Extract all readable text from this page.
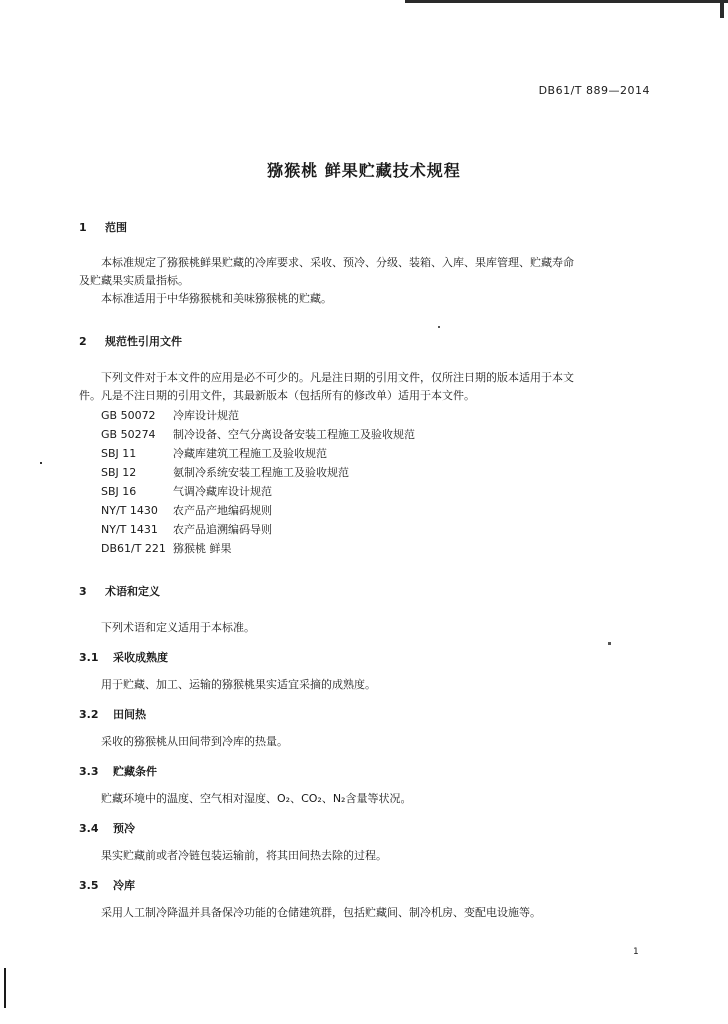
DB61/T 889—2014
猕猴桃 鲜果贮藏技术规程
1 范围
本标准规定了猕猴桃鲜果贮藏的冷库要求、采收、预冷、分级、装箱、入库、果库管理、贮藏寿命
及贮藏果实质量指标。
本标准适用于中华猕猴桃和美味猕猴桃的贮藏。
2 规范性引用文件
下列文件对于本文件的应用是必不可少的。凡是注日期的引用文件，仅所注日期的版本适用于本文
件。凡是不注日期的引用文件，其最新版本（包括所有的修改单）适用于本文件。
GB 50072 冷库设计规范
GB 50274 制冷设备、空气分离设备安装工程施工及验收规范
SBJ 11	冷藏库建筑工程施工及验收规范
SBJ 12	氨制冷系统安装工程施工及验收规范
SBJ 16	气调冷藏库设计规范
NY/T 1430 农产品产地编码规则
NY/T 1431 农产品追溯编码导则
DB61/T 221 猕猴桃 鲜果
3 术语和定义
下列术语和定义适用于本标准。
3.1 采收成熟度
用于贮藏、加工、运输的猕猴桃果实适宜采摘的成熟度。
3.2 田间热
采收的猕猴桃从田间带到冷库的热量。
3.3 贮藏条件
贮藏环境中的温度、空气相对湿度、O₂、CO₂、N₂含量等状况。
3.4 预冷
果实贮藏前或者冷链包装运输前，将其田间热去除的过程。
3.5 冷库
采用人工制冷降温并具备保冷功能的仓储建筑群，包括贮藏间、制冷机房、变配电设施等。
1
